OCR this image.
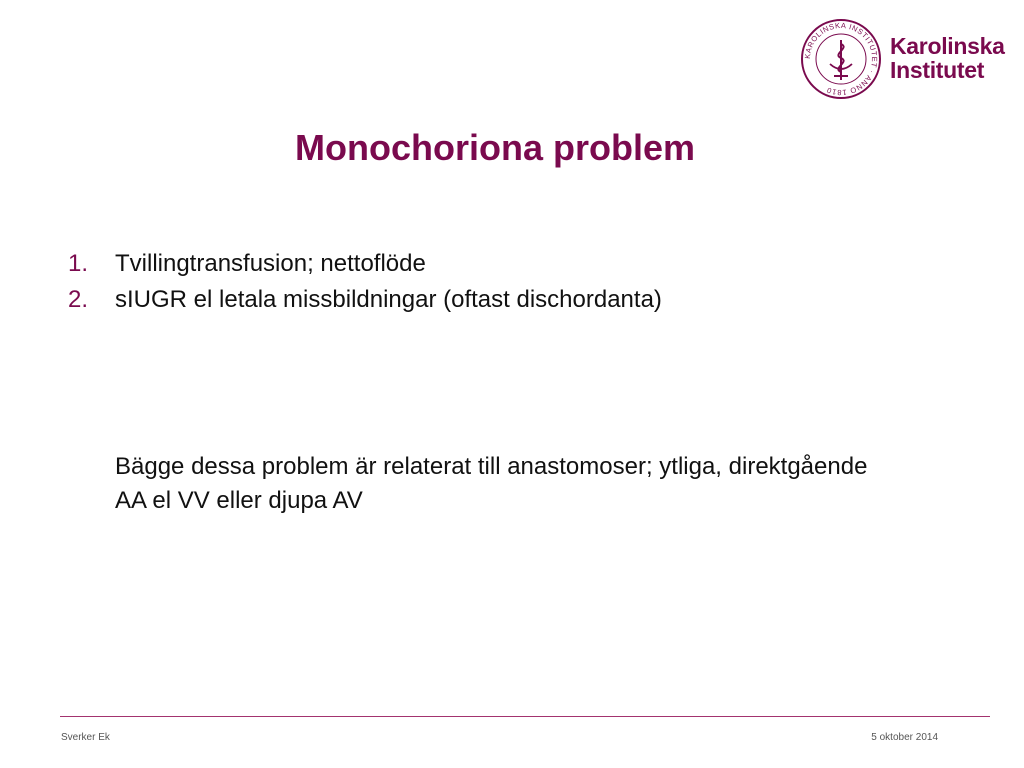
KAROLINSKA INSTITUTET · ANNO 1810
Karolinska
Institutet
Monochoriona problem
1. Tvillingtransfusion; nettoflöde
2. sIUGR el letala missbildningar (oftast dischordanta)
Bägge dessa problem är relaterat till anastomoser; ytliga, direktgående AA el VV eller djupa AV
Sverker Ek	5 oktober 2014
